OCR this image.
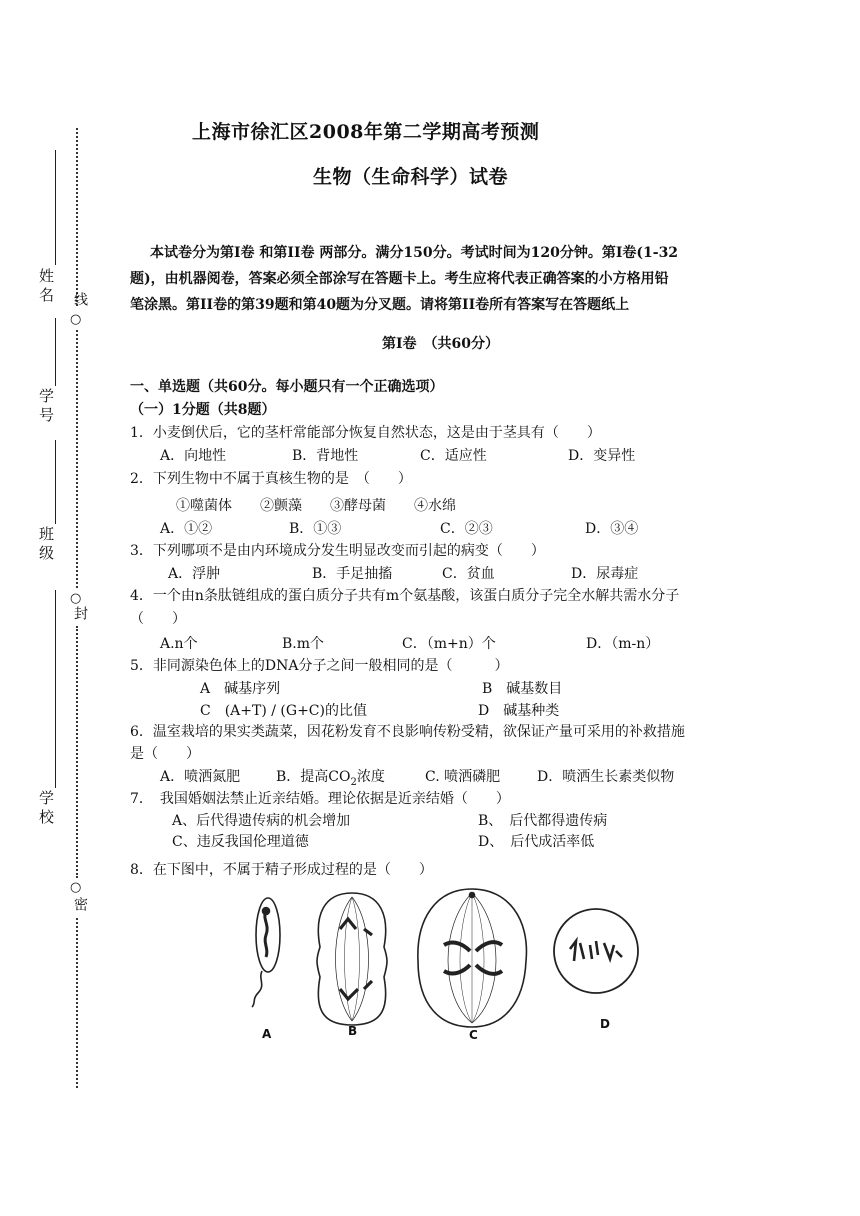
姓名
学号
班级
学校
○
线
○
封
○
密
上海市徐汇区2008年第二学期高考预测
生物（生命科学）试卷
本试卷分为第Ⅰ卷 和第II卷 两部分。满分150分。考试时间为120分钟。第Ⅰ卷(1-32
题)，由机器阅卷，答案必须全部涂写在答题卡上。考生应将代表正确答案的小方格用铅
笔涂黑。第II卷的第39题和第40题为分叉题。请将第II卷所有答案写在答题纸上
第Ⅰ卷　（共60分）
一、单选题（共60分。每小题只有一个正确选项）
（一）1分题（共8题）
1．小麦倒伏后，它的茎杆常能部分恢复自然状态，这是由于茎具有（　　）
A．向地性	B．背地性	C．适应性	D．变异性
2．下列生物中不属于真核生物的是　（　　）
①噬菌体　　②颤藻　　③酵母菌　　④水绵
A．①②	B．①③	C．②③	D．③④
3．下列哪项不是由内环境成分发生明显改变而引起的病变（　　）
A．浮肿	B．手足抽搐	C．贫血	D．尿毒症
4．一个由n条肽链组成的蛋白质分子共有m个氨基酸，该蛋白质分子完全水解共需水分子
（　　）
A.n个	B.m个	C．（m+n）个	D．（m-n）
5．非同源染色体上的DNA分子之间一般相同的是（　　　）
A　碱基序列	B　碱基数目
C　(A+T) / (G+C)的比值	D　碱基种类
6．温室栽培的果实类蔬菜，因花粉发育不良影响传粉受精，欲保证产量可采用的补救措施
是（　　）
A．喷洒氮肥	B．提高$CO_2$浓度	C. 喷洒磷肥	D．喷洒生长素类似物
7．　我国婚姻法禁止近亲结婚。理论依据是近亲结婚（　　）
A、后代得遗传病的机会增加	B、　后代都得遗传病
C、违反我国伦理道德	D、　后代成活率低
8．在下图中，不属于精子形成过程的是（　　）
A	B	C
D
